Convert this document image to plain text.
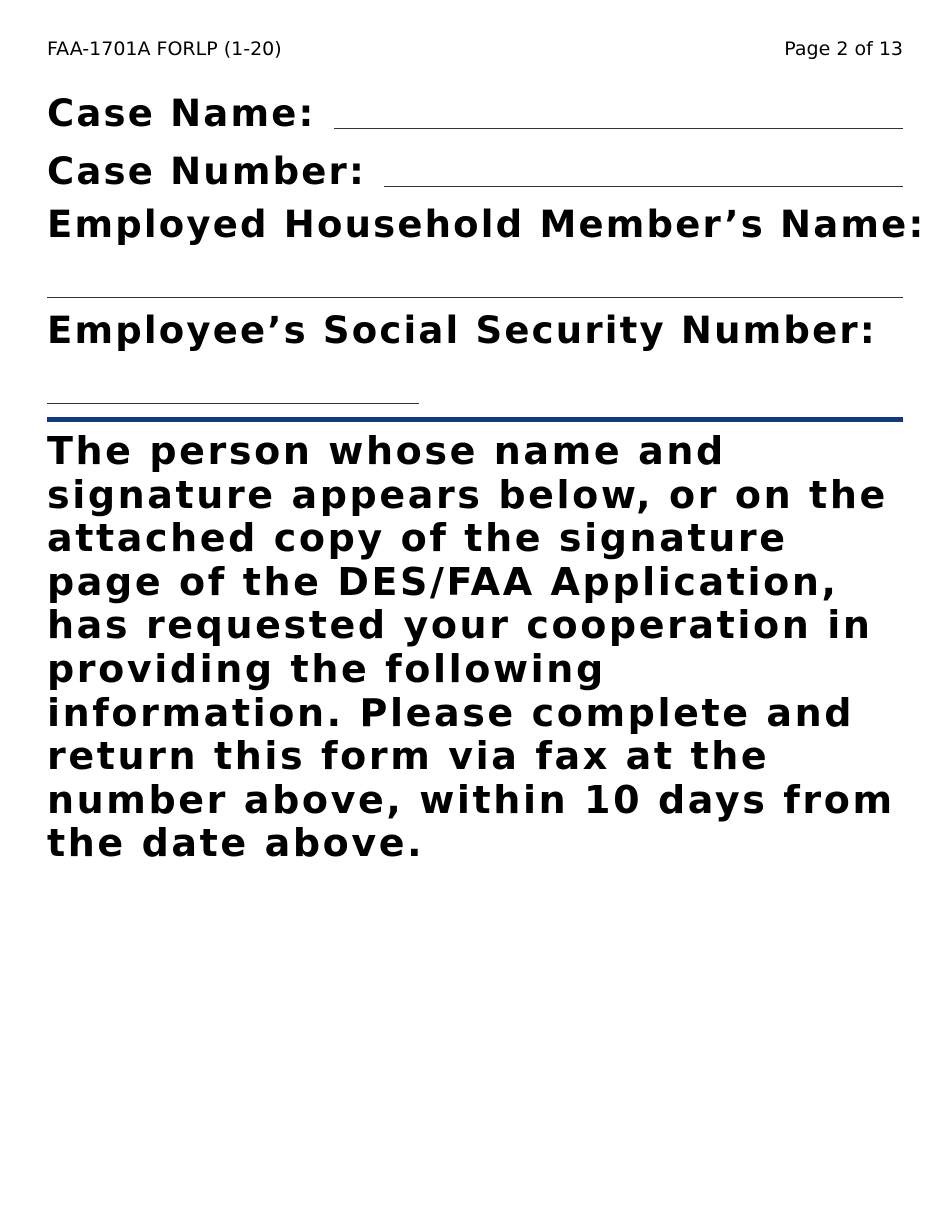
FAA-1701A FORLP (1-20)	Page 2 of 13
Case Name:
Case Number:
Employed Household Member’s Name:
Employee’s Social Security Number:

The person whose name and signature appears below, or on the attached copy of the signature page of the DES/FAA Application, has requested your cooperation in providing the following information. Please complete and return this form via fax at the number above, within 10 days from the date above.
